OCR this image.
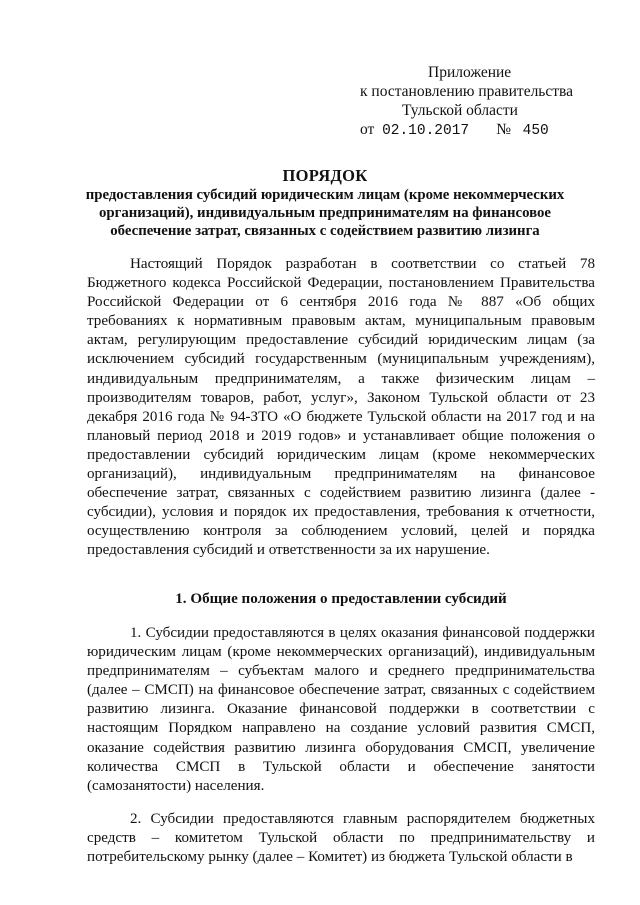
Приложение
к постановлению правительства
Тульской области
от 02.10.2017 № 450
ПОРЯДОК
предоставления субсидий юридическим лицам (кроме некоммерческих организаций), индивидуальным предпринимателям на финансовое обеспечение затрат, связанных с содействием развитию лизинга
Настоящий Порядок разработан в соответствии со статьей 78 Бюджетного кодекса Российской Федерации, постановлением Правительства Российской Федерации от 6 сентября 2016 года № 887 «Об общих требованиях к нормативным правовым актам, муниципальным правовым актам, регулирующим предоставление субсидий юридическим лицам (за исключением субсидий государственным (муниципальным учреждениям), индивидуальным предпринимателям, а также физическим лицам – производителям товаров, работ, услуг», Законом Тульской области от 23 декабря 2016 года № 94-ЗТО «О бюджете Тульской области на 2017 год и на плановый период 2018 и 2019 годов» и устанавливает общие положения о предоставлении субсидий юридическим лицам (кроме некоммерческих организаций), индивидуальным предпринимателям на финансовое обеспечение затрат, связанных с содействием развитию лизинга (далее - субсидии), условия и порядок их предоставления, требования к отчетности, осуществлению контроля за соблюдением условий, целей и порядка предоставления субсидий и ответственности за их нарушение.
1. Общие положения о предоставлении субсидий
1. Субсидии предоставляются в целях оказания финансовой поддержки юридическим лицам (кроме некоммерческих организаций), индивидуальным предпринимателям – субъектам малого и среднего предпринимательства (далее – СМСП) на финансовое обеспечение затрат, связанных с содействием развитию лизинга. Оказание финансовой поддержки в соответствии с настоящим Порядком направлено на создание условий развития СМСП, оказание содействия развитию лизинга оборудования СМСП, увеличение количества СМСП в Тульской области и обеспечение занятости (самозанятости) населения.
2. Субсидии предоставляются главным распорядителем бюджетных средств – комитетом Тульской области по предпринимательству и потребительскому рынку (далее – Комитет) из бюджета Тульской области в
